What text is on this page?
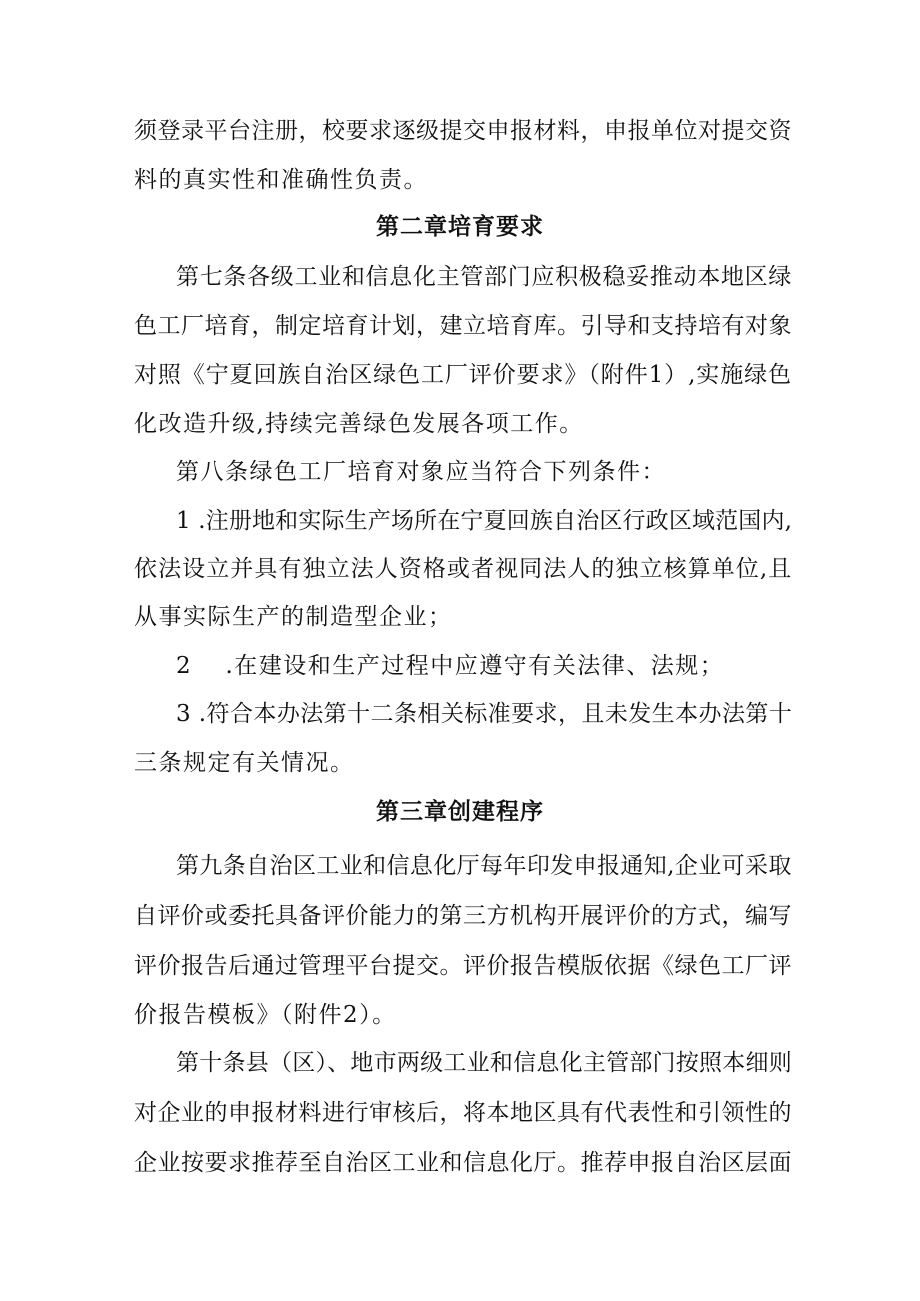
须登录平台注册，校要求逐级提交申报材料，申报单位对提交资
料的真实性和准确性负责。
第二章培育要求
第七条各级工业和信息化主管部门应积极稳妥推动本地区绿
色工厂培育，制定培育计划，建立培育库。引导和支持培有对象
对照《宁夏回族自治区绿色工厂评价要求》（附件1）,实施绿色
化改造升级,持续完善绿色发展各项工作。
第八条绿色工厂培育对象应当符合下列条件：
1 .注册地和实际生产场所在宁夏回族自治区行政区域范国内,
依法设立并具有独立法人资格或者视同法人的独立核算单位,且
从事实际生产的制造型企业；
2　 .在建设和生产过程中应遵守有关法律、法规；
3 .符合本办法第十二条相关标准要求，且未发生本办法第十
三条规定有关情况。
第三章创建程序
第九条自治区工业和信息化厅每年印发申报通知,企业可采取
自评价或委托具备评价能力的第三方机构开展评价的方式，编写
评价报告后通过管理平台提交。评价报告模版依据《绿色工厂评
价报告模板》（附件2）。
第十条县（区）、地市两级工业和信息化主管部门按照本细则
对企业的申报材料进行审核后，将本地区具有代表性和引领性的
企业按要求推荐至自治区工业和信息化厅。推荐申报自治区层面
